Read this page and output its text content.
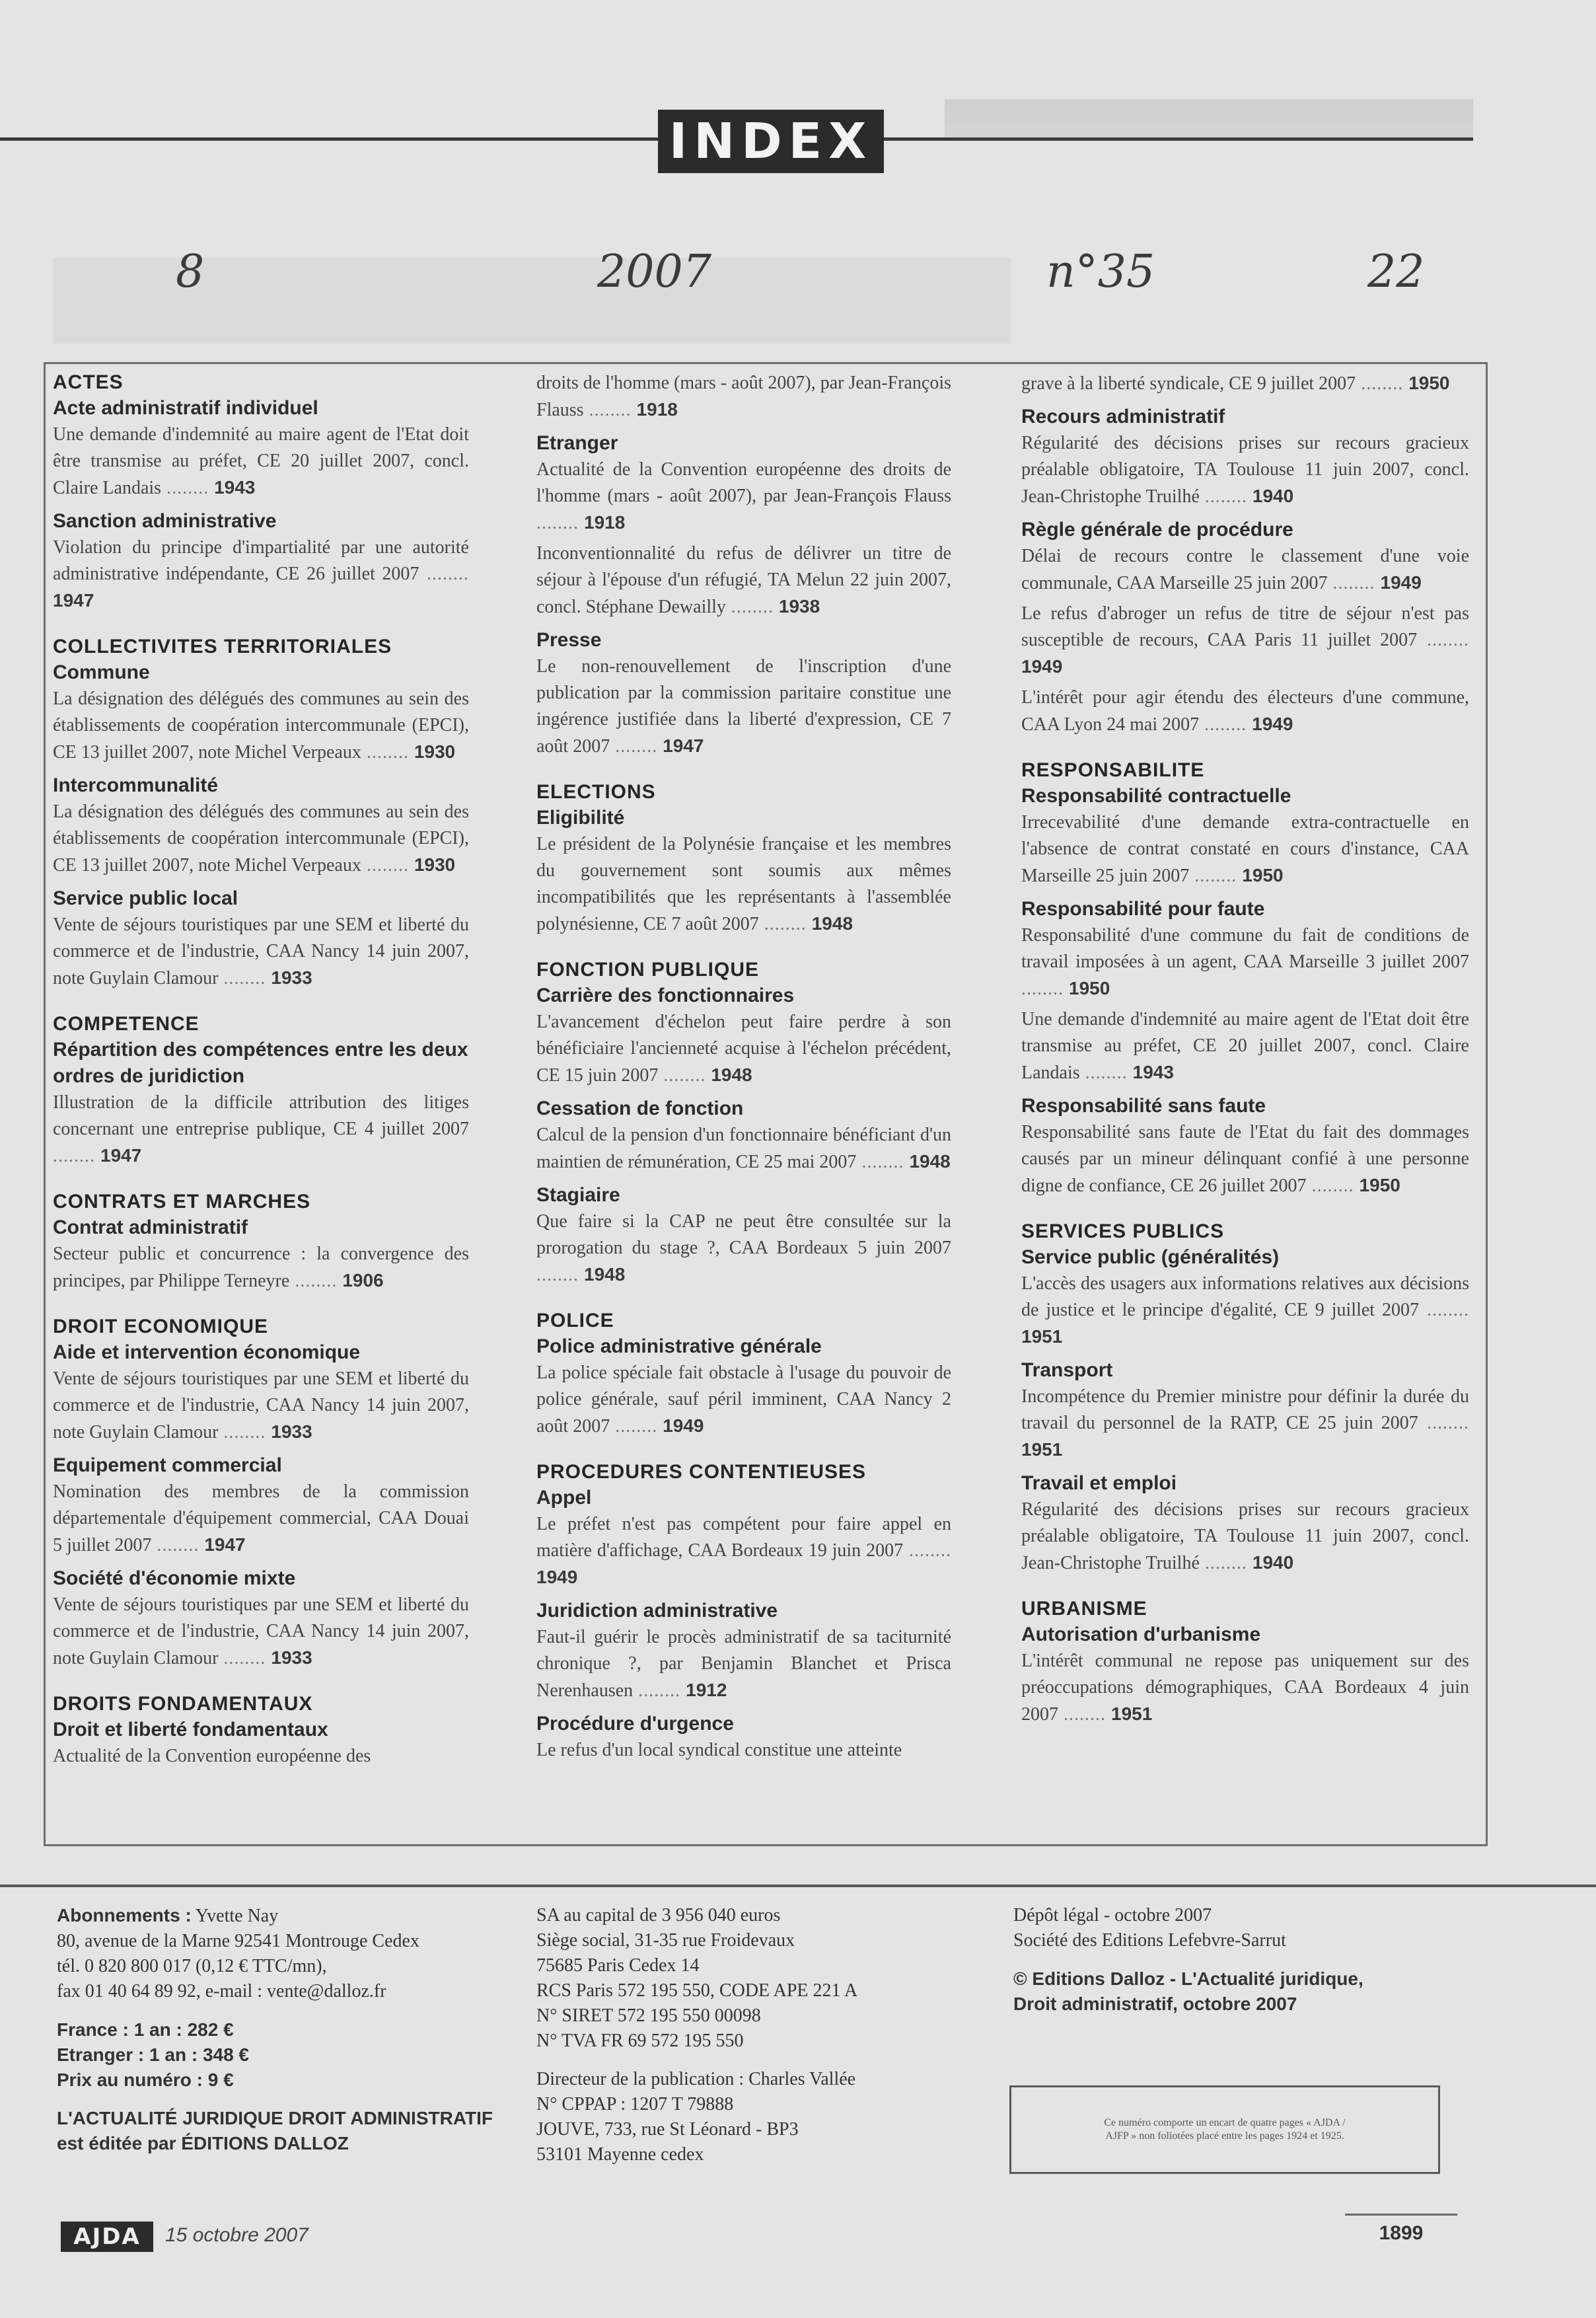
INDEX
8	2007	n°35	22
ACTES
Acte administratif individuel
Une demande d'indemnité au maire agent de l'Etat doit être transmise au préfet, CE 20 juillet 2007, concl. Claire Landais ........ 1943
Sanction administrative
Violation du principe d'impartialité par une autorité administrative indépendante, CE 26 juillet 2007 ........ 1947
COLLECTIVITES TERRITORIALES
Commune
La désignation des délégués des communes au sein des établissements de coopération intercommunale (EPCI), CE 13 juillet 2007, note Michel Verpeaux ........ 1930
Intercommunalité
La désignation des délégués des communes au sein des établissements de coopération intercommunale (EPCI), CE 13 juillet 2007, note Michel Verpeaux ........ 1930
Service public local
Vente de séjours touristiques par une SEM et liberté du commerce et de l'industrie, CAA Nancy 14 juin 2007, note Guylain Clamour ........ 1933
COMPETENCE
Répartition des compétences entre les deux ordres de juridiction
Illustration de la difficile attribution des litiges concernant une entreprise publique, CE 4 juillet 2007 ........ 1947
CONTRATS ET MARCHES
Contrat administratif
Secteur public et concurrence : la convergence des principes, par Philippe Terneyre ........ 1906
DROIT ECONOMIQUE
Aide et intervention économique
Vente de séjours touristiques par une SEM et liberté du commerce et de l'industrie, CAA Nancy 14 juin 2007, note Guylain Clamour ........ 1933
Equipement commercial
Nomination des membres de la commission départementale d'équipement commercial, CAA Douai 5 juillet 2007 ........ 1947
Société d'économie mixte
Vente de séjours touristiques par une SEM et liberté du commerce et de l'industrie, CAA Nancy 14 juin 2007, note Guylain Clamour ........ 1933
DROITS FONDAMENTAUX
Droit et liberté fondamentaux
Actualité de la Convention européenne des
droits de l'homme (mars - août 2007), par Jean-François Flauss ........ 1918
Etranger
Actualité de la Convention européenne des droits de l'homme (mars - août 2007), par Jean-François Flauss ........ 1918
Inconventionnalité du refus de délivrer un titre de séjour à l'épouse d'un réfugié, TA Melun 22 juin 2007, concl. Stéphane Dewailly ........ 1938
Presse
Le non-renouvellement de l'inscription d'une publication par la commission paritaire constitue une ingérence justifiée dans la liberté d'expression, CE 7 août 2007 ........ 1947
ELECTIONS
Eligibilité
Le président de la Polynésie française et les membres du gouvernement sont soumis aux mêmes incompatibilités que les représentants à l'assemblée polynésienne, CE 7 août 2007 ........ 1948
FONCTION PUBLIQUE
Carrière des fonctionnaires
L'avancement d'échelon peut faire perdre à son bénéficiaire l'ancienneté acquise à l'échelon précédent, CE 15 juin 2007 ........ 1948
Cessation de fonction
Calcul de la pension d'un fonctionnaire bénéficiant d'un maintien de rémunération, CE 25 mai 2007 ........ 1948
Stagiaire
Que faire si la CAP ne peut être consultée sur la prorogation du stage ?, CAA Bordeaux 5 juin 2007 ........ 1948
POLICE
Police administrative générale
La police spéciale fait obstacle à l'usage du pouvoir de police générale, sauf péril imminent, CAA Nancy 2 août 2007 ........ 1949
PROCEDURES CONTENTIEUSES
Appel
Le préfet n'est pas compétent pour faire appel en matière d'affichage, CAA Bordeaux 19 juin 2007 ........ 1949
Juridiction administrative
Faut-il guérir le procès administratif de sa taciturnité chronique ?, par Benjamin Blanchet et Prisca Nerenhausen ........ 1912
Procédure d'urgence
Le refus d'un local syndical constitue une atteinte
grave à la liberté syndicale, CE 9 juillet 2007 ........ 1950
Recours administratif
Régularité des décisions prises sur recours gracieux préalable obligatoire, TA Toulouse 11 juin 2007, concl. Jean-Christophe Truilhé ........ 1940
Règle générale de procédure
Délai de recours contre le classement d'une voie communale, CAA Marseille 25 juin 2007 ........ 1949
Le refus d'abroger un refus de titre de séjour n'est pas susceptible de recours, CAA Paris 11 juillet 2007 ........ 1949
L'intérêt pour agir étendu des électeurs d'une commune, CAA Lyon 24 mai 2007 ........ 1949
RESPONSABILITE
Responsabilité contractuelle
Irrecevabilité d'une demande extra-contractuelle en l'absence de contrat constaté en cours d'instance, CAA Marseille 25 juin 2007 ........ 1950
Responsabilité pour faute
Responsabilité d'une commune du fait de conditions de travail imposées à un agent, CAA Marseille 3 juillet 2007 ........ 1950
Une demande d'indemnité au maire agent de l'Etat doit être transmise au préfet, CE 20 juillet 2007, concl. Claire Landais ........ 1943
Responsabilité sans faute
Responsabilité sans faute de l'Etat du fait des dommages causés par un mineur délinquant confié à une personne digne de confiance, CE 26 juillet 2007 ........ 1950
SERVICES PUBLICS
Service public (généralités)
L'accès des usagers aux informations relatives aux décisions de justice et le principe d'égalité, CE 9 juillet 2007 ........ 1951
Transport
Incompétence du Premier ministre pour définir la durée du travail du personnel de la RATP, CE 25 juin 2007 ........ 1951
Travail et emploi
Régularité des décisions prises sur recours gracieux préalable obligatoire, TA Toulouse 11 juin 2007, concl. Jean-Christophe Truilhé ........ 1940
URBANISME
Autorisation d'urbanisme
L'intérêt communal ne repose pas uniquement sur des préoccupations démographiques, CAA Bordeaux 4 juin 2007 ........ 1951
Abonnements : Yvette Nay
80, avenue de la Marne 92541 Montrouge Cedex
tél. 0 820 800 017 (0,12 € TTC/mn),
fax 01 40 64 89 92, e-mail : vente@dalloz.fr
France : 1 an : 282 €
Etranger : 1 an : 348 €
Prix au numéro : 9 €
L'ACTUALITÉ JURIDIQUE DROIT ADMINISTRATIF
est éditée par ÉDITIONS DALLOZ
SA au capital de 3 956 040 euros
Siège social, 31-35 rue Froidevaux
75685 Paris Cedex 14
RCS Paris 572 195 550, CODE APE 221 A
N° SIRET 572 195 550 00098
N° TVA FR 69 572 195 550
Directeur de la publication : Charles Vallée
N° CPPAP : 1207 T 79888
JOUVE, 733, rue St Léonard - BP3
53101 Mayenne cedex
Dépôt légal - octobre 2007
Société des Editions Lefebvre-Sarrut
© Editions Dalloz - L'Actualité juridique,
Droit administratif, octobre 2007
Ce numéro comporte un encart de quatre pages « AJDA / AJFP » non foliotées placé entre les pages 1924 et 1925.
AJDA	15 octobre 2007	1899
